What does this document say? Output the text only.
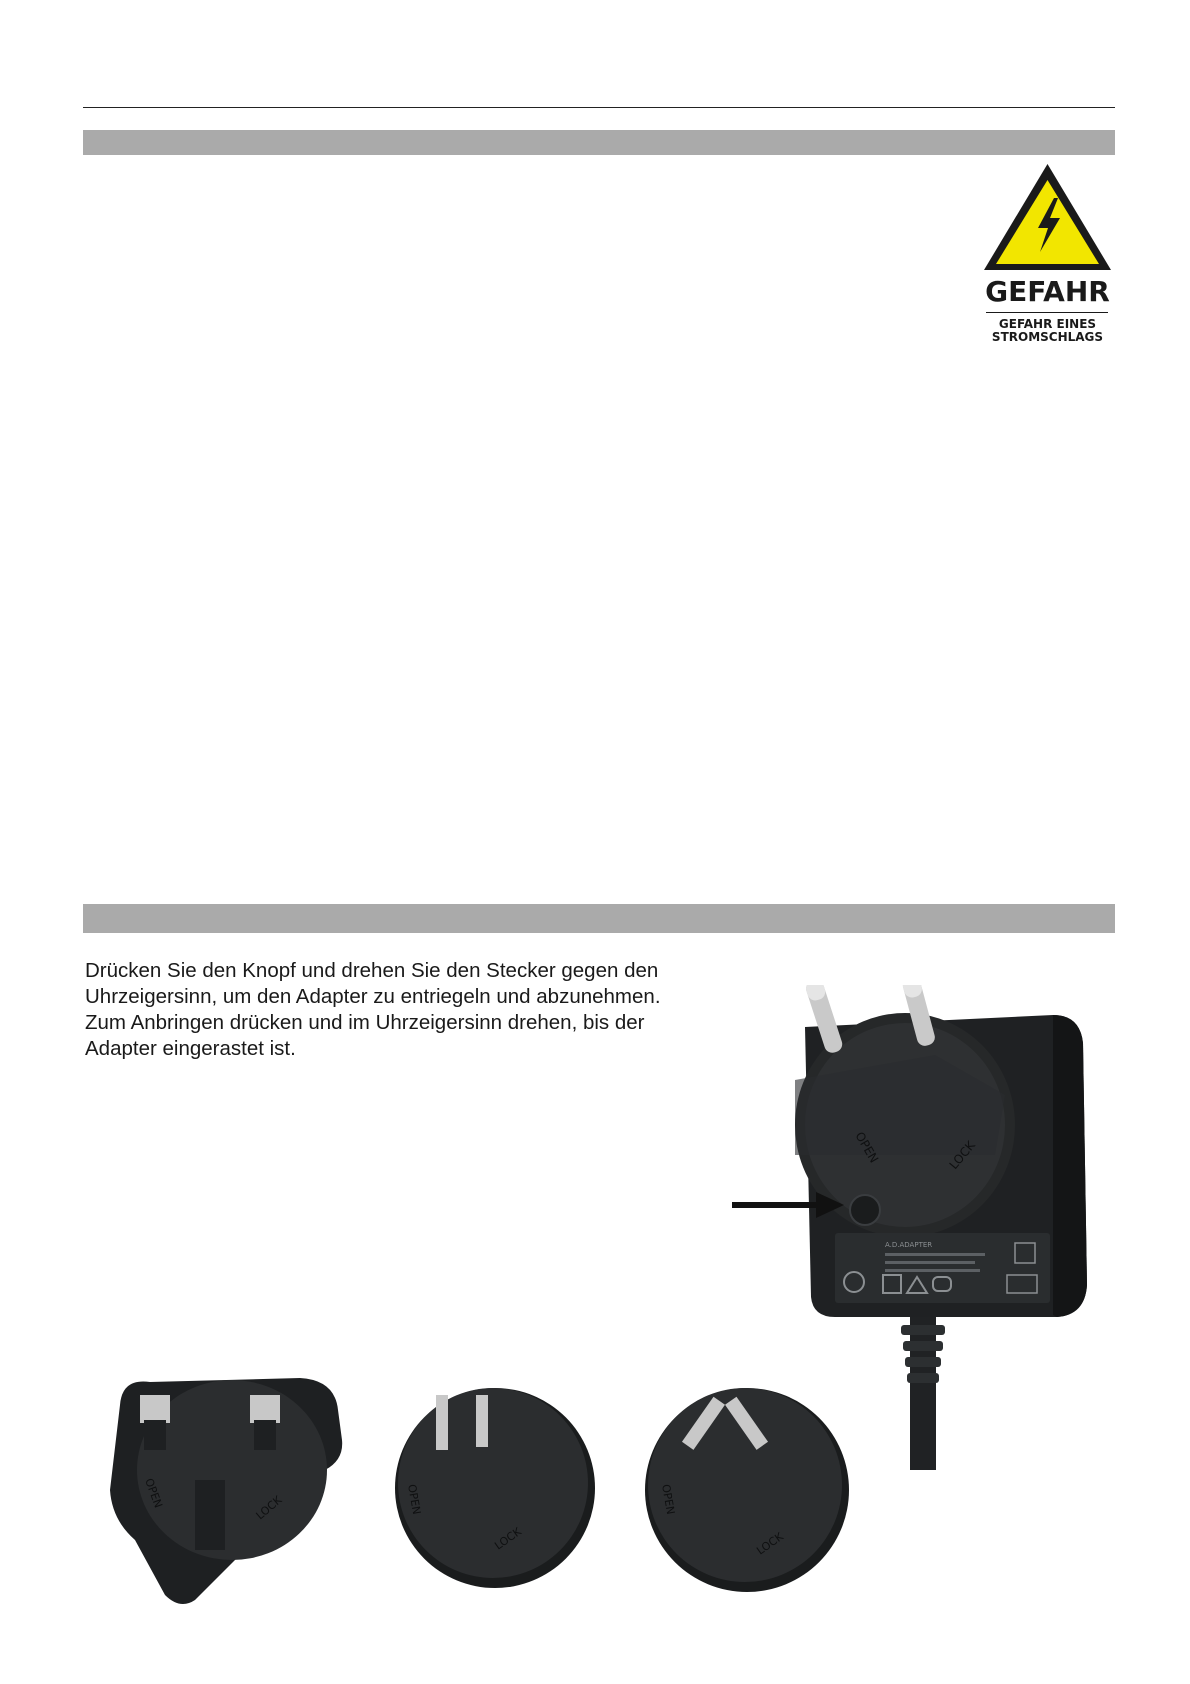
GEFAHR
GEFAHR EINES
STROMSCHLAGS
Drücken Sie den Knopf und drehen Sie den Stecker gegen den
Uhrzeigersinn, um den Adapter zu entriegeln und abzunehmen.
Zum Anbringen drücken und im Uhrzeigersinn drehen, bis der
Adapter eingerastet ist.
OPEN	LOCK
A.D.ADAPTER
OPEN	LOCK	OPEN
LOCK
OPEN
LOCK
